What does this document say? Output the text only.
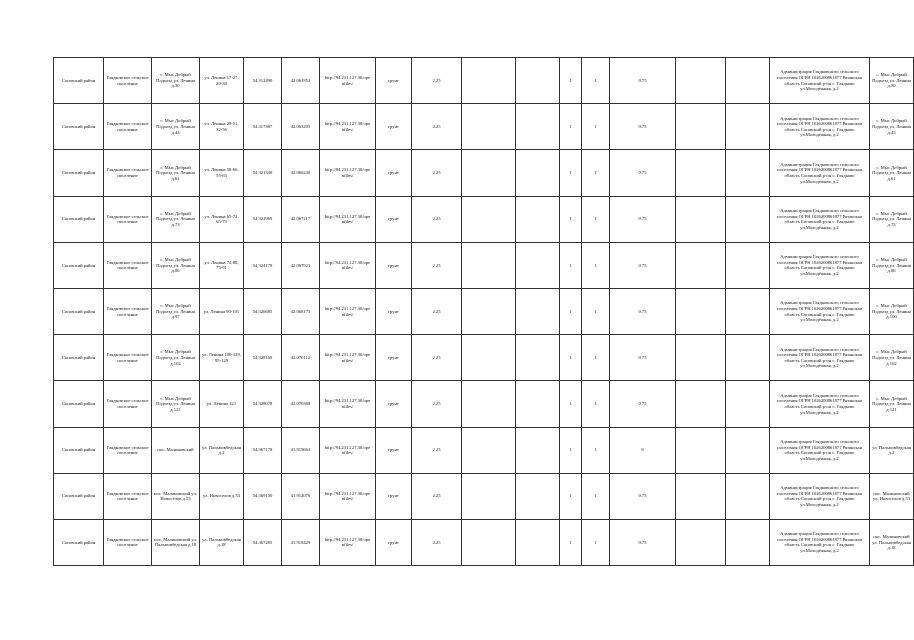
Сасовский район	Глядковское сельское поселение	с. Мыс Добрый Подъезд ул. Ленина д.30	ул. Ленина 17-27, 20-30	54.312490	42.061852	http://94.231.127.30/ope nfiles/	грунт	2.25			1	1	0.75			Администрация Глядковского сельского поселения ОГРН 1026200861877 Рязанская область Сасовский р-он с. Глядково ул.Молодёжная, д.2	с. Мыс Добрый Подъезд ул. Ленина д.30
Сасовский район	Глядковское сельское поселение	с. Мыс Добрый Подъезд ул. Ленина д.43	ул. Ленина 29-51, 32-56	54.317387	42.063205	http://94.231.127.30/ope nfiles/	грунт	2.25			1	1	0.75			Администрация Глядковского сельского поселения ОГРН 1026200861877 Рязанская область Сасовский р-он с. Глядково ул.Молодёжная, д.2	с. Мыс Добрый Подъезд ул. Ленина д.43
Сасовский район	Глядковское сельское поселение	с. Мыс Добрый Подъезд ул. Ленина д.61	ул. Ленина 58-66, 55-63	54.321340	42.066230	http://94.231.127.30/ope nfiles/	грунт	2.25			1	1	0.75			Администрация Глядковского сельского поселения ОГРН 1026200861877 Рязанская область Сасовский р-он с. Глядково ул.Молодёжная, д.2	с. Мыс Добрый Подъезд ул. Ленина д.61
Сасовский район	Глядковское сельское поселение	с. Мыс Добрый Подъезд ул. Ленина д.73	ул. Ленина 65-72, 65-73	54.322969	42.067217	http://94.231.127.30/ope nfiles/	грунт	2.25			1	1	0.75			Администрация Глядковского сельского поселения ОГРН 1026200861877 Рязанская область Сасовский р-он с. Глядково ул.Молодёжная, д.2	с. Мыс Добрый Подъезд ул. Ленина д.73
Сасовский район	Глядковское сельское поселение	с. Мыс Добрый Подъезд ул. Ленина д.86	ул. Ленина 74-88, 75-91	54.324179	42.067921	http://94.231.127.30/ope nfiles/	грунт	2.25			1	1	0.75			Администрация Глядковского сельского поселения ОГРН 1026200861877 Рязанская область Сасовский р-он с. Глядково ул.Молодёжная, д.2	с. Мыс Добрый Подъезд ул. Ленина д.86
Сасовский район	Глядковское сельское поселение	с. Мыс Добрый Подъезд ул. Ленина д.97	ул. Ленина 90-101	54.326685	42.068173	http://94.231.127.30/ope nfiles/	грунт	2.25			1	1	0.75			Администрация Глядковского сельского поселения ОГРН 1026200861877 Рязанская область Сасовский р-он с. Глядково ул.Молодёжная, д.2	с. Мыс Добрый Подъезд ул. Ленина д.100
Сасовский район	Глядковское сельское поселение	с. Мыс Добрый Подъезд ул. Ленина д.102	ул. Ленина 100-129, 95-129	54.328169	42.070112	http://94.231.127.30/ope nfiles/	грунт	2.25			1	1	0.75			Администрация Глядковского сельского поселения ОГРН 1026200861877 Рязанская область Сасовский р-он с. Глядково ул.Молодёжная, д.2	с. Мыс Добрый Подъезд ул. Ленина д.102
Сасовский район	Глядковское сельское поселение	с. Мыс Добрый Подъезд ул. Ленина д.121	ул. Ленина 121	54.328078	42.070368	http://94.231.127.30/ope nfiles/	грунт	2.25			1	1	0.75			Администрация Глядковского сельского поселения ОГРН 1026200861877 Рязанская область Сасовский р-он с. Глядково ул.Молодёжная, д.2	с. Мыс Добрый Подъезд ул. Ленина д.121
Сасовский район	Глядковское сельское поселение	пос. Малиновский	ул. Пальмовбедская д.2	54.367178	41.919664	http://94.231.127.30/ope nfiles/	грунт	2.25			1	1	8			Администрация Глядковского сельского поселения ОГРН 1026200861877 Рязанская область Сасовский р-он с. Глядково ул.Молодёжная, д.2	ул. Пальмовбедская д.2
Сасовский район	Глядковское сельское поселение	пос. Малиновский ул. Новоселов д.53	ул. Новоселов д.53	54.369150	41.912076	http://94.231.127.30/ope nfiles/	грунт	2.25			1	1	0.75			Администрация Глядковского сельского поселения ОГРН 1026200861877 Рязанская область Сасовский р-он с. Глядково ул.Молодёжная, д.2	пос. Малиновский ул. Новоселов д.53
Сасовский район	Глядковское сельское поселение	пос. Малиновский ул. Пальмовбедская д.18	ул. Пальмовбедская д.18	54.367285	41.918429	http://94.231.127.30/ope nfiles/	грунт	2.25			1	1	0.75			Администрация Глядковского сельского поселения ОГРН 1026200861877 Рязанская область Сасовский р-он с. Глядково ул.Молодёжная, д.2	пос. Малиновский ул. Пальмовбедская д.18
